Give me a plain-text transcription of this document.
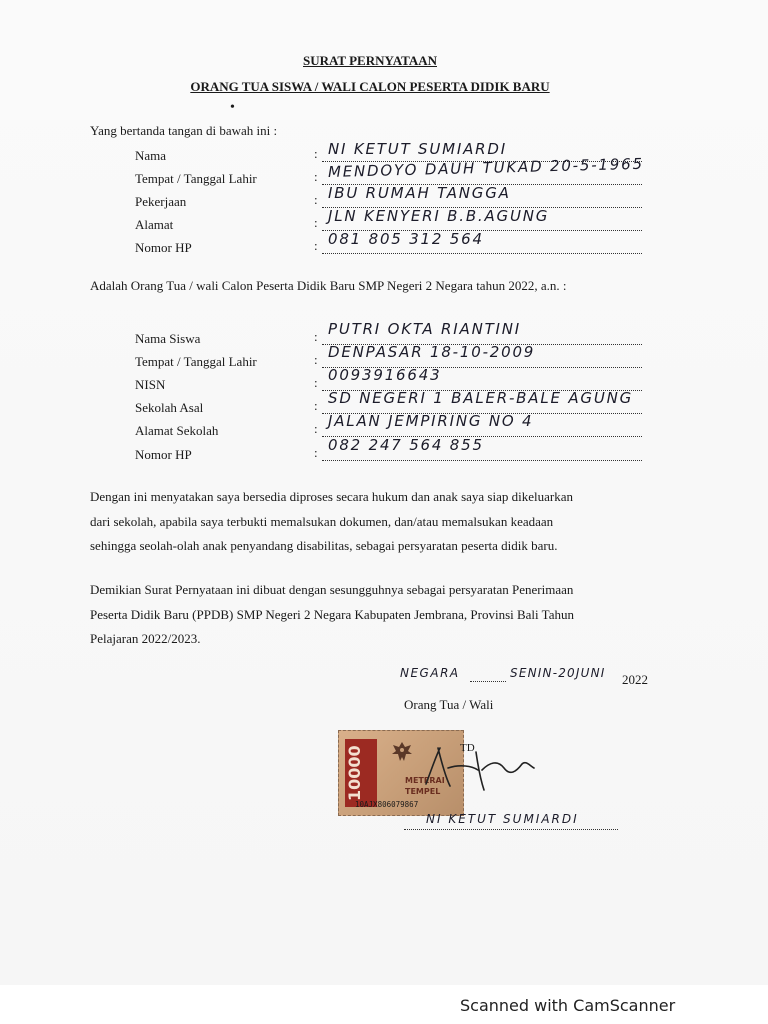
SURAT PERNYATAAN
ORANG TUA SISWA / WALI CALON PESERTA DIDIK BARU
•
Yang bertanda tangan di bawah ini :
Nama	: NI KETUT SUMIARDI
Tempat / Tanggal Lahir	: MENDOYO DAUH TUKAD 20-5-1965
Pekerjaan	: IBU RUMAH TANGGA
Alamat	: JLN KENYERI B.B.AGUNG
Nomor HP	: 081 805 312 564
Adalah Orang Tua / wali Calon Peserta Didik Baru SMP Negeri 2 Negara tahun 2022, a.n. :
Nama Siswa	: PUTRI OKTA RIANTINI
Tempat / Tanggal Lahir	: DENPASAR 18-10-2009
NISN	: 0093916643
Sekolah Asal	: SD NEGERI 1 BALER-BALE AGUNG
Alamat Sekolah	: JALAN JEMPIRING NO 4
Nomor HP	: 082 247 564 855
Dengan ini menyatakan saya bersedia diproses secara hukum dan anak saya siap dikeluarkan
dari sekolah, apabila saya terbukti memalsukan dokumen, dan/atau memalsukan keadaan
sehingga seolah-olah anak penyandang disabilitas, sebagai persyaratan peserta didik baru.
Demikian Surat Pernyataan ini dibuat dengan sesungguhnya sebagai persyaratan Penerimaan
Peserta Didik Baru (PPDB) SMP Negeri 2 Negara Kabupaten Jembrana, Provinsi Bali Tahun
Pelajaran 2022/2023.
NEGARA	SENIN-20JUNI 2022
Orang Tua / Wali
10000	METERAI
TEMPEL
10AJX806079867
TD
NI KETUT SUMIARDI
Scanned with CamScanner
